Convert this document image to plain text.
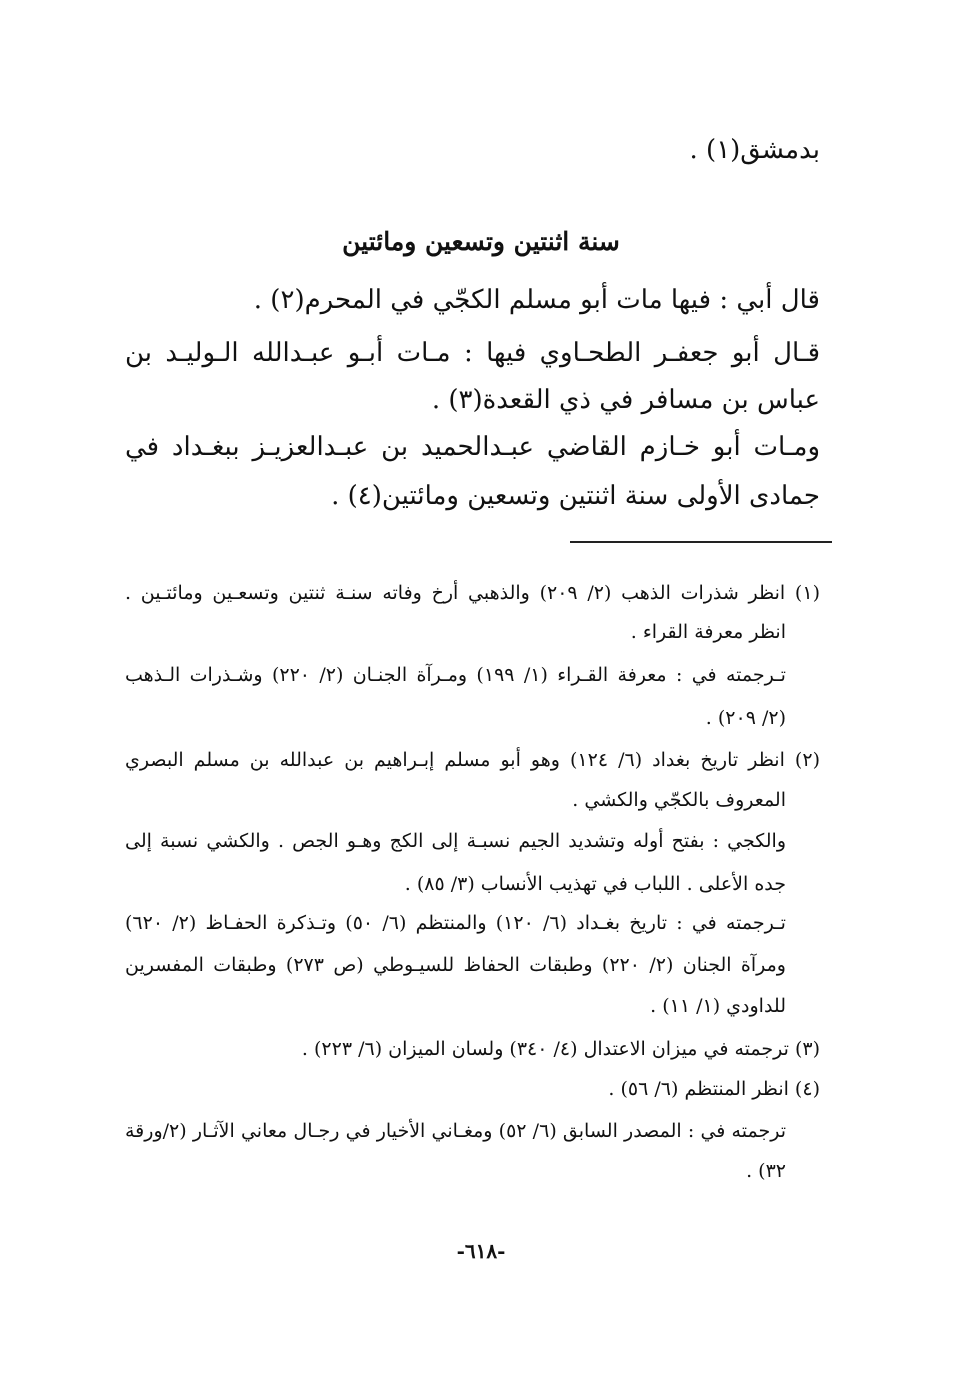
بدمشق(١) .
سنة اثنتين وتسعين ومائتين
قال أبي : فيها مات أبو مسلم الكجّي في المحرم(٢) .
قـال أبو جعفـر الطحـاوي فيها : مـات أبـو عبـدالله الـوليـد بن
عباس بن مسافر في ذي القعدة(٣) .
ومـات أبو خـازم القاضي عبـدالحميد بن عبـدالعزيـز ببغـداد في
جمادى الأولى سنة اثنتين وتسعين ومائتين(٤) .
(١) انظر شذرات الذهب (٢/ ٢٠٩) والذهبي أرخ وفاته سنـة ثنتين وتسعـين ومائتـين .
انظر معرفة القراء .
تـرجمته في : معرفة القـراء (١/ ١٩٩) ومـرآة الجنـان (٢/ ٢٢٠) وشـذرات الـذهب
(٢/ ٢٠٩) .
(٢) انظر تاريخ بغداد (٦/ ١٢٤) وهو أبو مسلم إبـراهيم بن عبدالله بن مسلم البصري
المعروف بالكجّي والكشي .
والكجي : بفتح أوله وتشديد الجيم نسبـة إلى الكج وهـو الجص . والكشي نسبة إلى
جده الأعلى . اللباب في تهذيب الأنساب (٣/ ٨٥) .
تـرجمته في : تاريخ بغـداد (٦/ ١٢٠) والمنتظم (٦/ ٥٠) وتـذكرة الحفـاظ (٢/ ٦٢٠)
ومرآة الجنان (٢/ ٢٢٠) وطبقات الحفاظ للسيـوطي (ص ٢٧٣) وطبقات المفسرين
للداودي (١/ ١١) .
(٣) ترجمته في ميزان الاعتدال (٤/ ٣٤٠) ولسان الميزان (٦/ ٢٢٣) .
(٤) انظر المنتظم (٦/ ٥٦) .
ترجمته في : المصدر السابق (٦/ ٥٢) ومغـاني الأخيار في رجـال معاني الآثـار (٢/ورقة
٣٢) .
-٦١٨-
